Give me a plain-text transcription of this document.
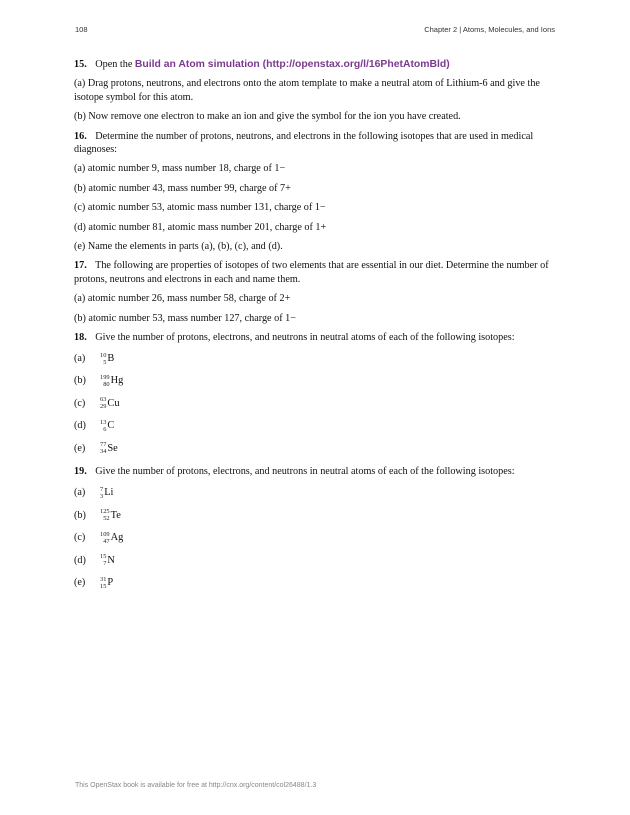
108	Chapter 2 | Atoms, Molecules, and Ions

15. Open the Build an Atom simulation (http://openstax.org/l/16PhetAtomBld)

(a) Drag protons, neutrons, and electrons onto the atom template to make a neutral atom of Lithium-6 and give the isotope symbol for this atom.

(b) Now remove one electron to make an ion and give the symbol for the ion you have created.

16. Determine the number of protons, neutrons, and electrons in the following isotopes that are used in medical diagnoses:

(a) atomic number 9, mass number 18, charge of 1−

(b) atomic number 43, mass number 99, charge of 7+

(c) atomic number 53, atomic mass number 131, charge of 1−

(d) atomic number 81, atomic mass number 201, charge of 1+

(e) Name the elements in parts (a), (b), (c), and (d).

17. The following are properties of isotopes of two elements that are essential in our diet. Determine the number of protons, neutrons and electrons in each and name them.

(a) atomic number 26, mass number 58, charge of 2+

(b) atomic number 53, mass number 127, charge of 1−

18. Give the number of protons, electrons, and neutrons in neutral atoms of each of the following isotopes:

(a)	10
5 B
(b)	199
80 Hg
(c)	63
29 Cu
(d)	13
6 C
(e)	77
34 Se

19. Give the number of protons, electrons, and neutrons in neutral atoms of each of the following isotopes:

(a)	7
3 Li
(b)	125
52 Te
(c)	109
47 Ag
(d)	15
7 N
(e)	31
15 P
This OpenStax book is available for free at http://cnx.org/content/col26488/1.3
